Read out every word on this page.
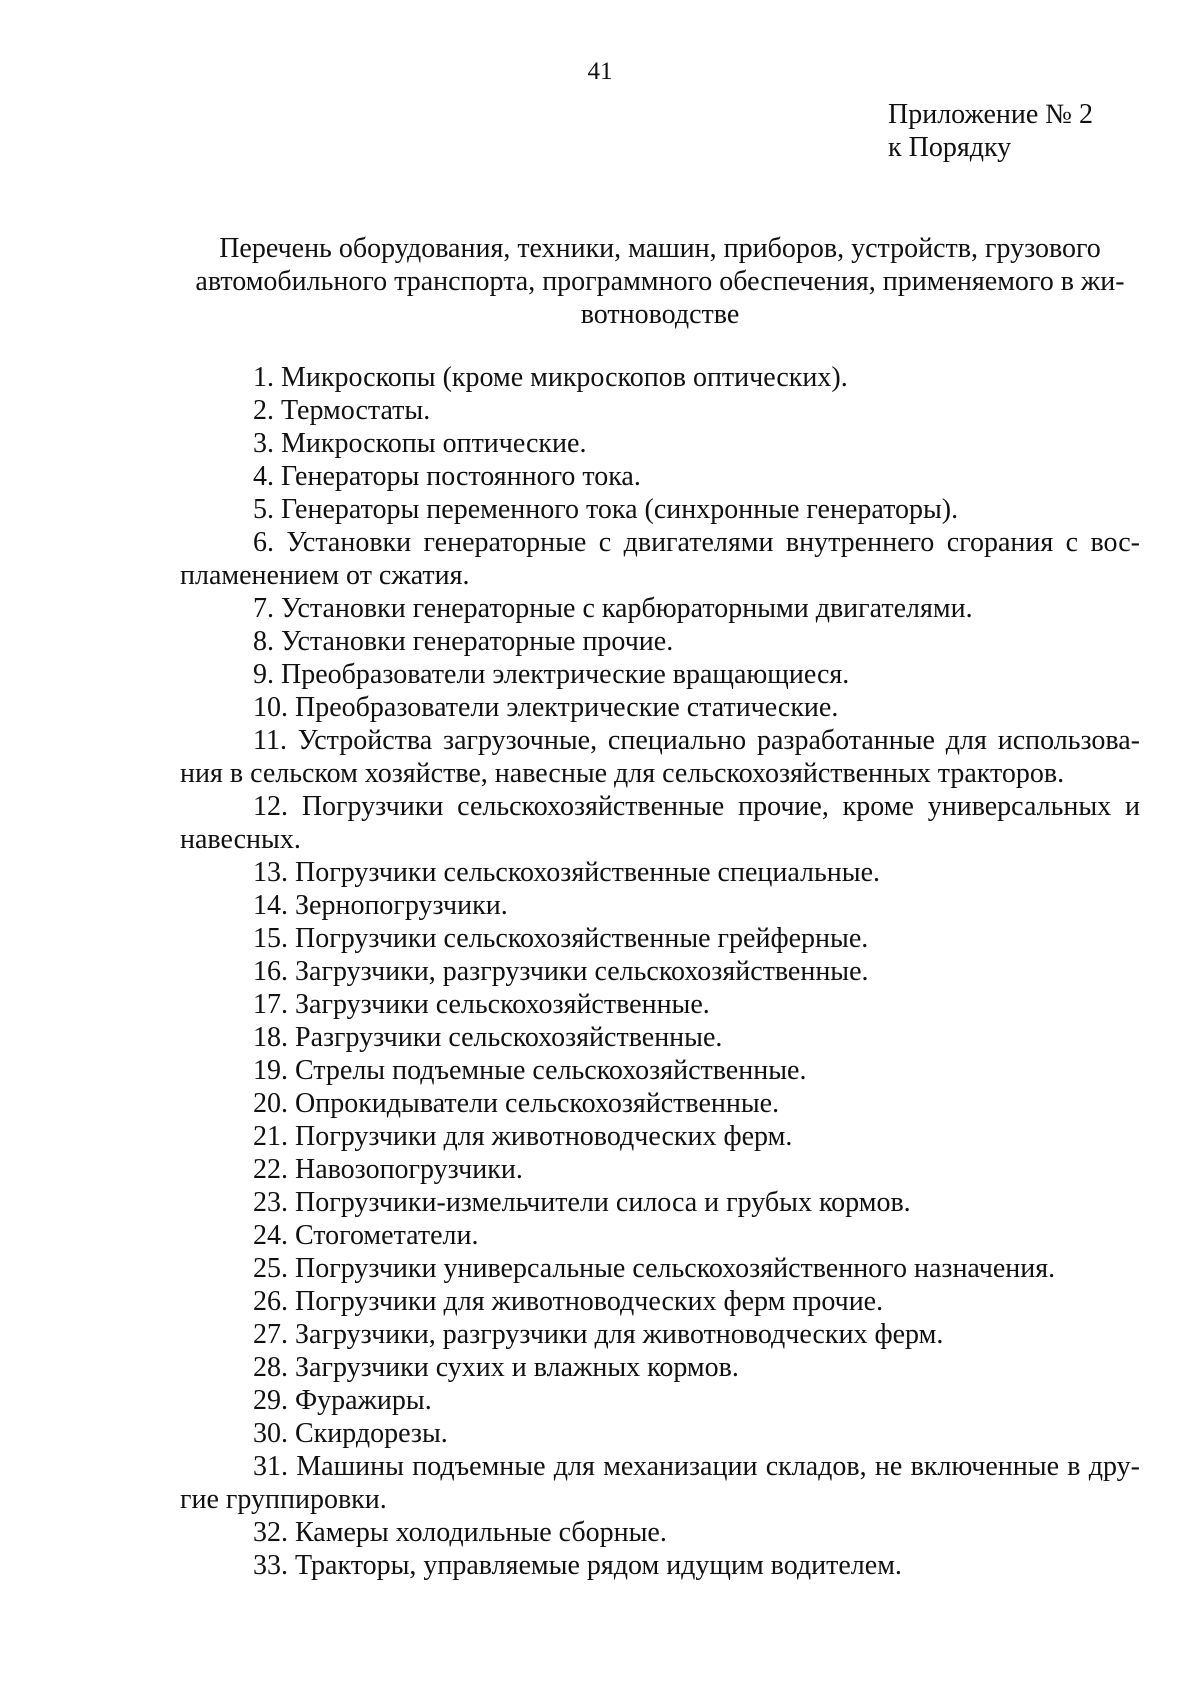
41
Приложение № 2
к Порядку
Перечень оборудования, техники, машин, приборов, устройств, грузового
автомобильного транспорта, программного обеспечения, применяемого в жи-
вотноводстве
1. Микроскопы (кроме микроскопов оптических).
2. Термостаты.
3. Микроскопы оптические.
4. Генераторы постоянного тока.
5. Генераторы переменного тока (синхронные генераторы).
6. Установки генераторные с двигателями внутреннего сгорания с вос-пламенением от сжатия.
7. Установки генераторные с карбюраторными двигателями.
8. Установки генераторные прочие.
9. Преобразователи электрические вращающиеся.
10. Преобразователи электрические статические.
11. Устройства загрузочные, специально разработанные для использова-ния в сельском хозяйстве, навесные для сельскохозяйственных тракторов.
12. Погрузчики сельскохозяйственные прочие, кроме универсальных и навесных.
13. Погрузчики сельскохозяйственные специальные.
14. Зернопогрузчики.
15. Погрузчики сельскохозяйственные грейферные.
16. Загрузчики, разгрузчики сельскохозяйственные.
17. Загрузчики сельскохозяйственные.
18. Разгрузчики сельскохозяйственные.
19. Стрелы подъемные сельскохозяйственные.
20. Опрокидыватели сельскохозяйственные.
21. Погрузчики для животноводческих ферм.
22. Навозопогрузчики.
23. Погрузчики-измельчители силоса и грубых кормов.
24. Стогометатели.
25. Погрузчики универсальные сельскохозяйственного назначения.
26. Погрузчики для животноводческих ферм прочие.
27. Загрузчики, разгрузчики для животноводческих ферм.
28. Загрузчики сухих и влажных кормов.
29. Фуражиры.
30. Скирдорезы.
31. Машины подъемные для механизации складов, не включенные в дру-гие группировки.
32. Камеры холодильные сборные.
33. Тракторы, управляемые рядом идущим водителем.
